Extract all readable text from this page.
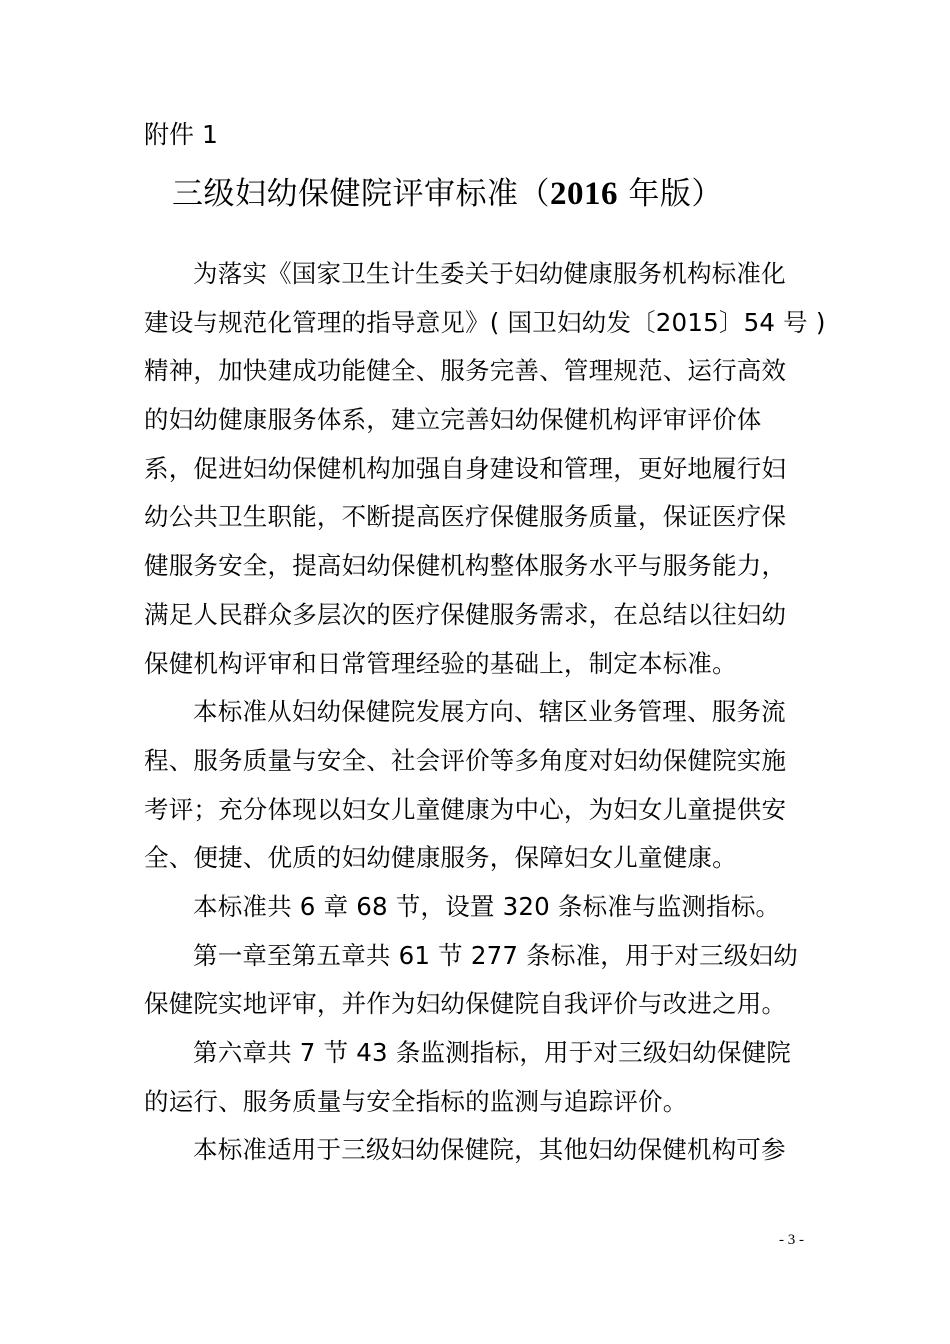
附件 1
三级妇幼保健院评审标准（2016 年版）
为落实《国家卫生计生委关于妇幼健康服务机构标准化
建设与规范化管理的指导意见》( 国卫妇幼发〔2015〕54 号 )
精神，加快建成功能健全、服务完善、管理规范、运行高效
的妇幼健康服务体系，建立完善妇幼保健机构评审评价体
系，促进妇幼保健机构加强自身建设和管理，更好地履行妇
幼公共卫生职能，不断提高医疗保健服务质量，保证医疗保
健服务安全，提高妇幼保健机构整体服务水平与服务能力，
满足人民群众多层次的医疗保健服务需求，在总结以往妇幼
保健机构评审和日常管理经验的基础上，制定本标准。
本标准从妇幼保健院发展方向、辖区业务管理、服务流
程、服务质量与安全、社会评价等多角度对妇幼保健院实施
考评；充分体现以妇女儿童健康为中心，为妇女儿童提供安
全、便捷、优质的妇幼健康服务，保障妇女儿童健康。
本标准共 6 章 68 节，设置 320 条标准与监测指标。
第一章至第五章共 61 节 277 条标准，用于对三级妇幼
保健院实地评审，并作为妇幼保健院自我评价与改进之用。
第六章共 7 节 43 条监测指标，用于对三级妇幼保健院
的运行、服务质量与安全指标的监测与追踪评价。
本标准适用于三级妇幼保健院，其他妇幼保健机构可参
- 3 -
